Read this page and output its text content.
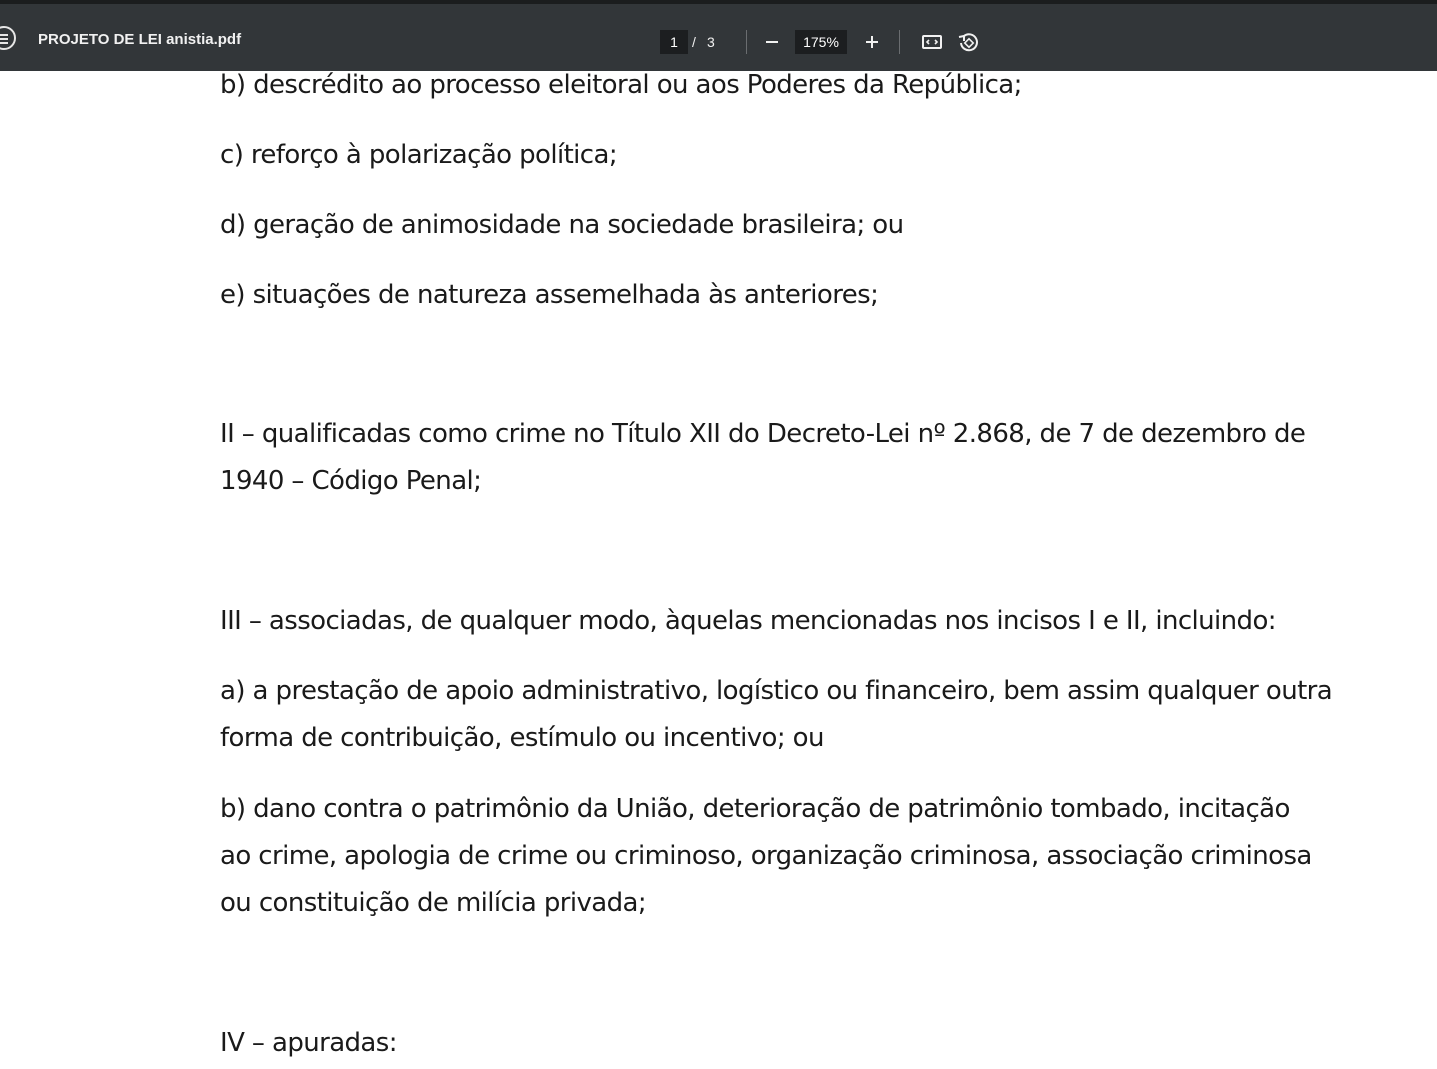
PROJETO DE LEI anistia.pdf	1	/ 3	175%
b) descrédito ao processo eleitoral ou aos Poderes da República;
c) reforço à polarização política;
d) geração de animosidade na sociedade brasileira; ou
e) situações de natureza assemelhada às anteriores;
II – qualificadas como crime no Título XII do Decreto-Lei nº 2.868, de 7 de dezembro de
1940 – Código Penal;
III – associadas, de qualquer modo, àquelas mencionadas nos incisos I e II, incluindo:
a) a prestação de apoio administrativo, logístico ou financeiro, bem assim qualquer outra
forma de contribuição, estímulo ou incentivo; ou
b) dano contra o patrimônio da União, deterioração de patrimônio tombado, incitação
ao crime, apologia de crime ou criminoso, organização criminosa, associação criminosa
ou constituição de milícia privada;
IV – apuradas:
